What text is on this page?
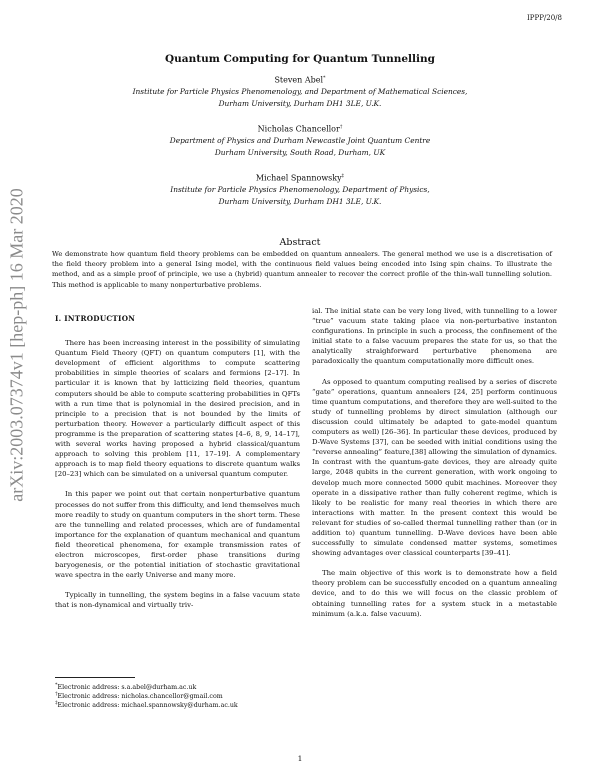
IPPP/20/8
arXiv:2003.07374v1 [hep-ph] 16 Mar 2020
Quantum Computing for Quantum Tunnelling
Steven Abel*
Institute for Particle Physics Phenomenology, and Department of Mathematical Sciences,
Durham University, Durham DH1 3LE, U.K.
Nicholas Chancellor†
Department of Physics and Durham Newcastle Joint Quantum Centre
Durham University, South Road, Durham, UK
Michael Spannowsky‡
Institute for Particle Physics Phenomenology, Department of Physics,
Durham University, Durham DH1 3LE, U.K.
Abstract
We demonstrate how quantum field theory problems can be embedded on quantum annealers. The general method we use is a discretisation of the field theory problem into a general Ising model, with the continuous field values being encoded into Ising spin chains. To illustrate the method, and as a simple proof of principle, we use a (hybrid) quantum annealer to recover the correct profile of the thin-wall tunnelling solution. This method is applicable to many nonperturbative problems.
I. INTRODUCTION

There has been increasing interest in the possibility of simulating Quantum Field Theory (QFT) on quantum computers [1], with the development of efficient algorithms to compute scattering probabilities in simple theories of scalars and fermions [2–17]. In particular it is known that by latticizing field theories, quantum computers should be able to compute scattering probabilities in QFTs with a run time that is polynomial in the desired precision, and in principle to a precision that is not bounded by the limits of perturbation theory. However a particularly difficult aspect of this programme is the preparation of scattering states [4–6, 8, 9, 14–17], with several works having proposed a hybrid classical/quantum approach to solving this problem [11, 17–19]. A complementary approach is to map field theory equations to discrete quantum walks [20–23] which can be simulated on a universal quantum computer.

In this paper we point out that certain nonperturbative quantum processes do not suffer from this difficulty, and lend themselves much more readily to study on quantum computers in the short term. These are the tunnelling and related processes, which are of fundamental importance for the explanation of quantum mechanical and quantum field theoretical phenomena, for example transmission rates of electron microscopes, first-order phase transitions during baryogenesis, or the potential initiation of stochastic gravitational wave spectra in the early Universe and many more.

Typically in tunnelling, the system begins in a false vacuum state that is non-dynamical and virtually triv-

ial. The initial state can be very long lived, with tunnelling to a lower “true” vacuum state taking place via non-perturbative instanton configurations. In principle in such a process, the confinement of the initial state to a false vacuum prepares the state for us, so that the analytically straighforward perturbative phenomena are paradoxically the quantum computationally more difficult ones.

As opposed to quantum computing realised by a series of discrete “gate” operations, quantum annealers [24, 25] perform continuous time quantum computations, and therefore they are well-suited to the study of tunnelling problems by direct simulation (although our discussion could ultimately be adapted to gate-model quantum computers as well) [26–36]. In particular these devices, produced by D-Wave Systems [37], can be seeded with initial conditions using the “reverse annealing” feature,[38] allowing the simulation of dynamics. In contrast with the quantum-gate devices, they are already quite large, 2048 qubits in the current generation, with work ongoing to develop much more connected 5000 qubit machines. Moreover they operate in a dissipative rather than fully coherent regime, which is likely to be realistic for many real theories in which there are interactions with matter. In the present context this would be relevant for studies of so-called thermal tunnelling rather than (or in addition to) quantum tunnelling. D-Wave devices have been able successfully to simulate condensed matter systems, sometimes showing advantages over classical counterparts [39–41].

The main objective of this work is to demonstrate how a field theory problem can be successfully encoded on a quantum annealing device, and to do this we will focus on the classic problem of obtaining tunnelling rates for a system stuck in a metastable minimum (a.k.a. false vacuum).

*Electronic address: s.a.abel@durham.ac.uk
†Electronic address: nicholas.chancellor@gmail.com
‡Electronic address: michael.spannowsky@durham.ac.uk
1
